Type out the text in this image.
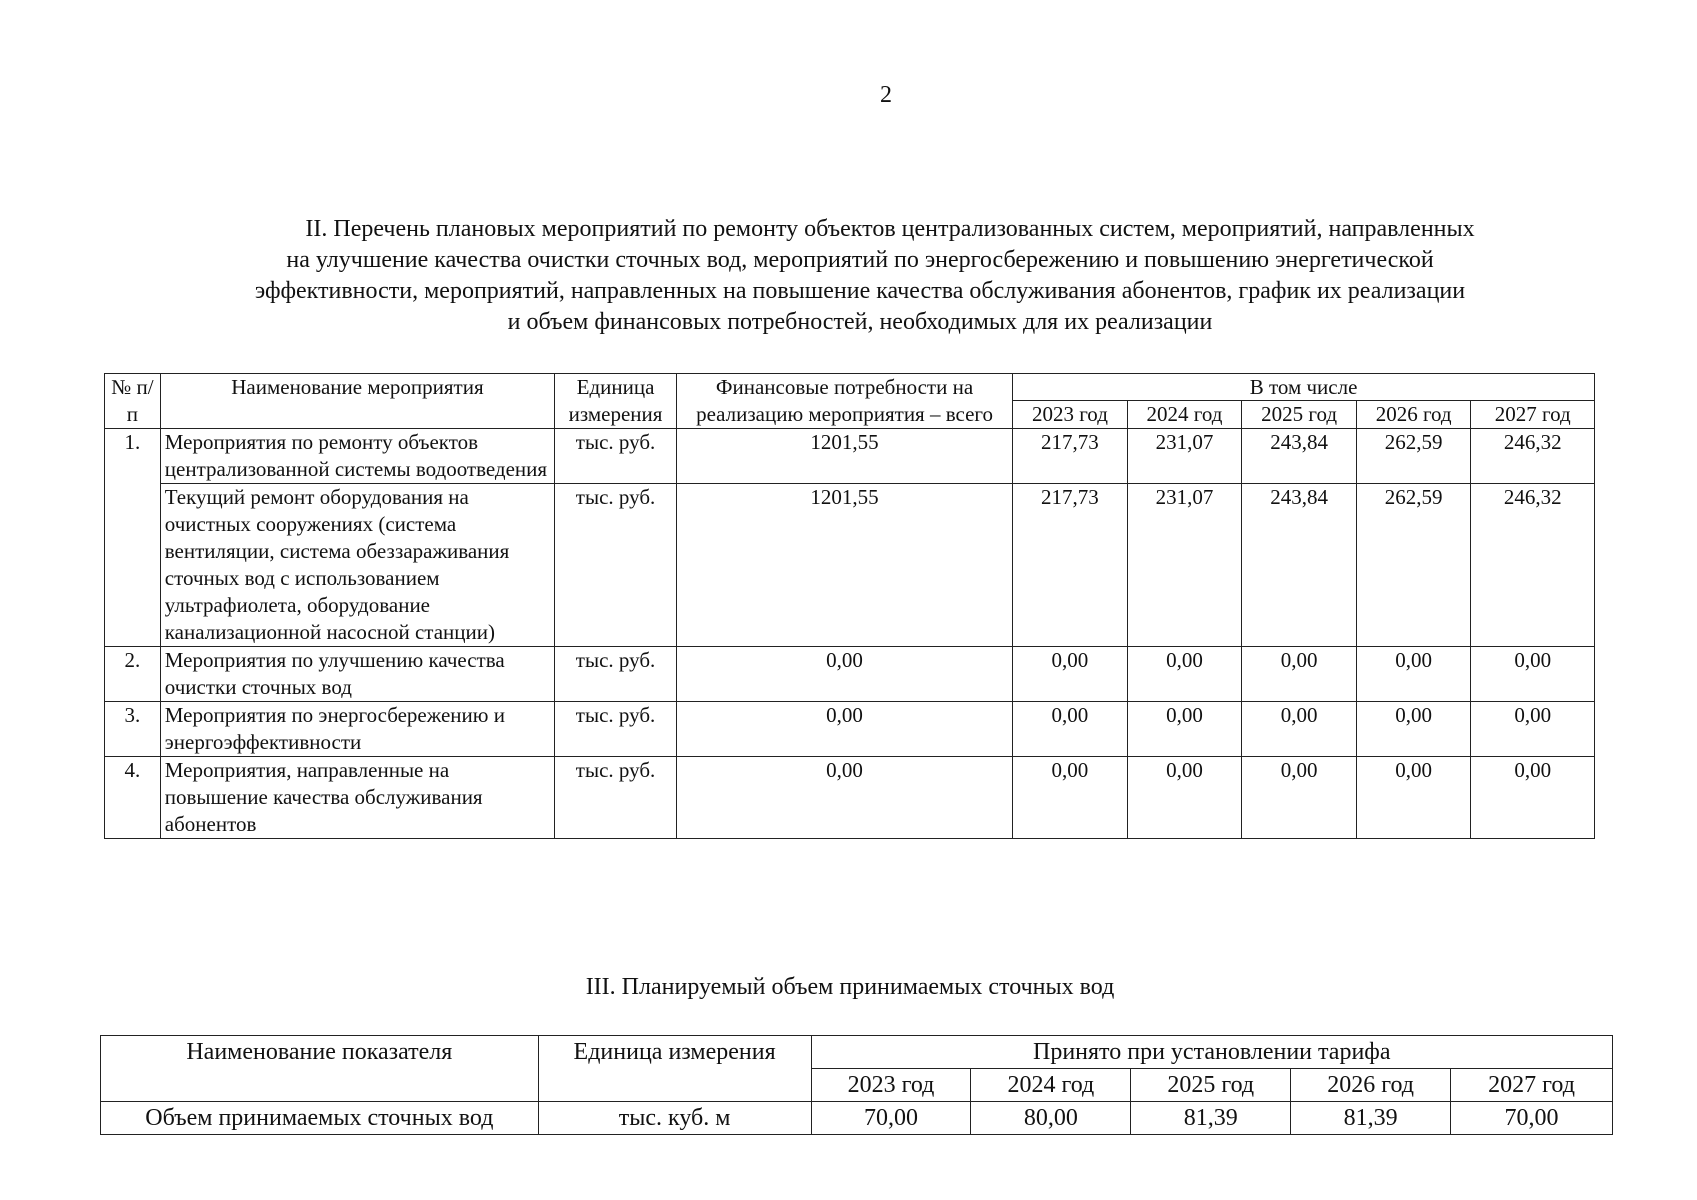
2
II. Перечень плановых мероприятий по ремонту объектов централизованных систем, мероприятий, направленных
на улучшение качества очистки сточных вод, мероприятий по энергосбережению и повышению энергетической
эффективности, мероприятий, направленных на повышение качества обслуживания абонентов, график их реализации
и объем финансовых потребностей, необходимых для их реализации
№ п/п	Наименование мероприятия	Единица измерения	Финансовые потребности на реализацию мероприятия – всего	В том числе				
				2023 год	2024 год	2025 год	2026 год	2027 год
1.	Мероприятия по ремонту объектов централизованной системы водоотведения	тыс. руб.	1201,55	217,73	231,07	243,84	262,59	246,32
	Текущий ремонт оборудования на очистных сооружениях (система вентиляции, система обеззараживания сточных вод с использованием ультрафиолета, оборудование канализационной насосной станции)	тыс. руб.	1201,55	217,73	231,07	243,84	262,59	246,32
2.	Мероприятия по улучшению качества очистки сточных вод	тыс. руб.	0,00	0,00	0,00	0,00	0,00	0,00
3.	Мероприятия по энергосбережению и энергоэффективности	тыс. руб.	0,00	0,00	0,00	0,00	0,00	0,00
4.	Мероприятия, направленные на повышение качества обслуживания абонентов	тыс. руб.	0,00	0,00	0,00	0,00	0,00	0,00
III. Планируемый объем принимаемых сточных вод
Наименование показателя	Единица измерения	Принято при установлении тарифа				
		2023 год	2024 год	2025 год	2026 год	2027 год
Объем принимаемых сточных вод	тыс. куб. м	70,00	80,00	81,39	81,39	70,00
